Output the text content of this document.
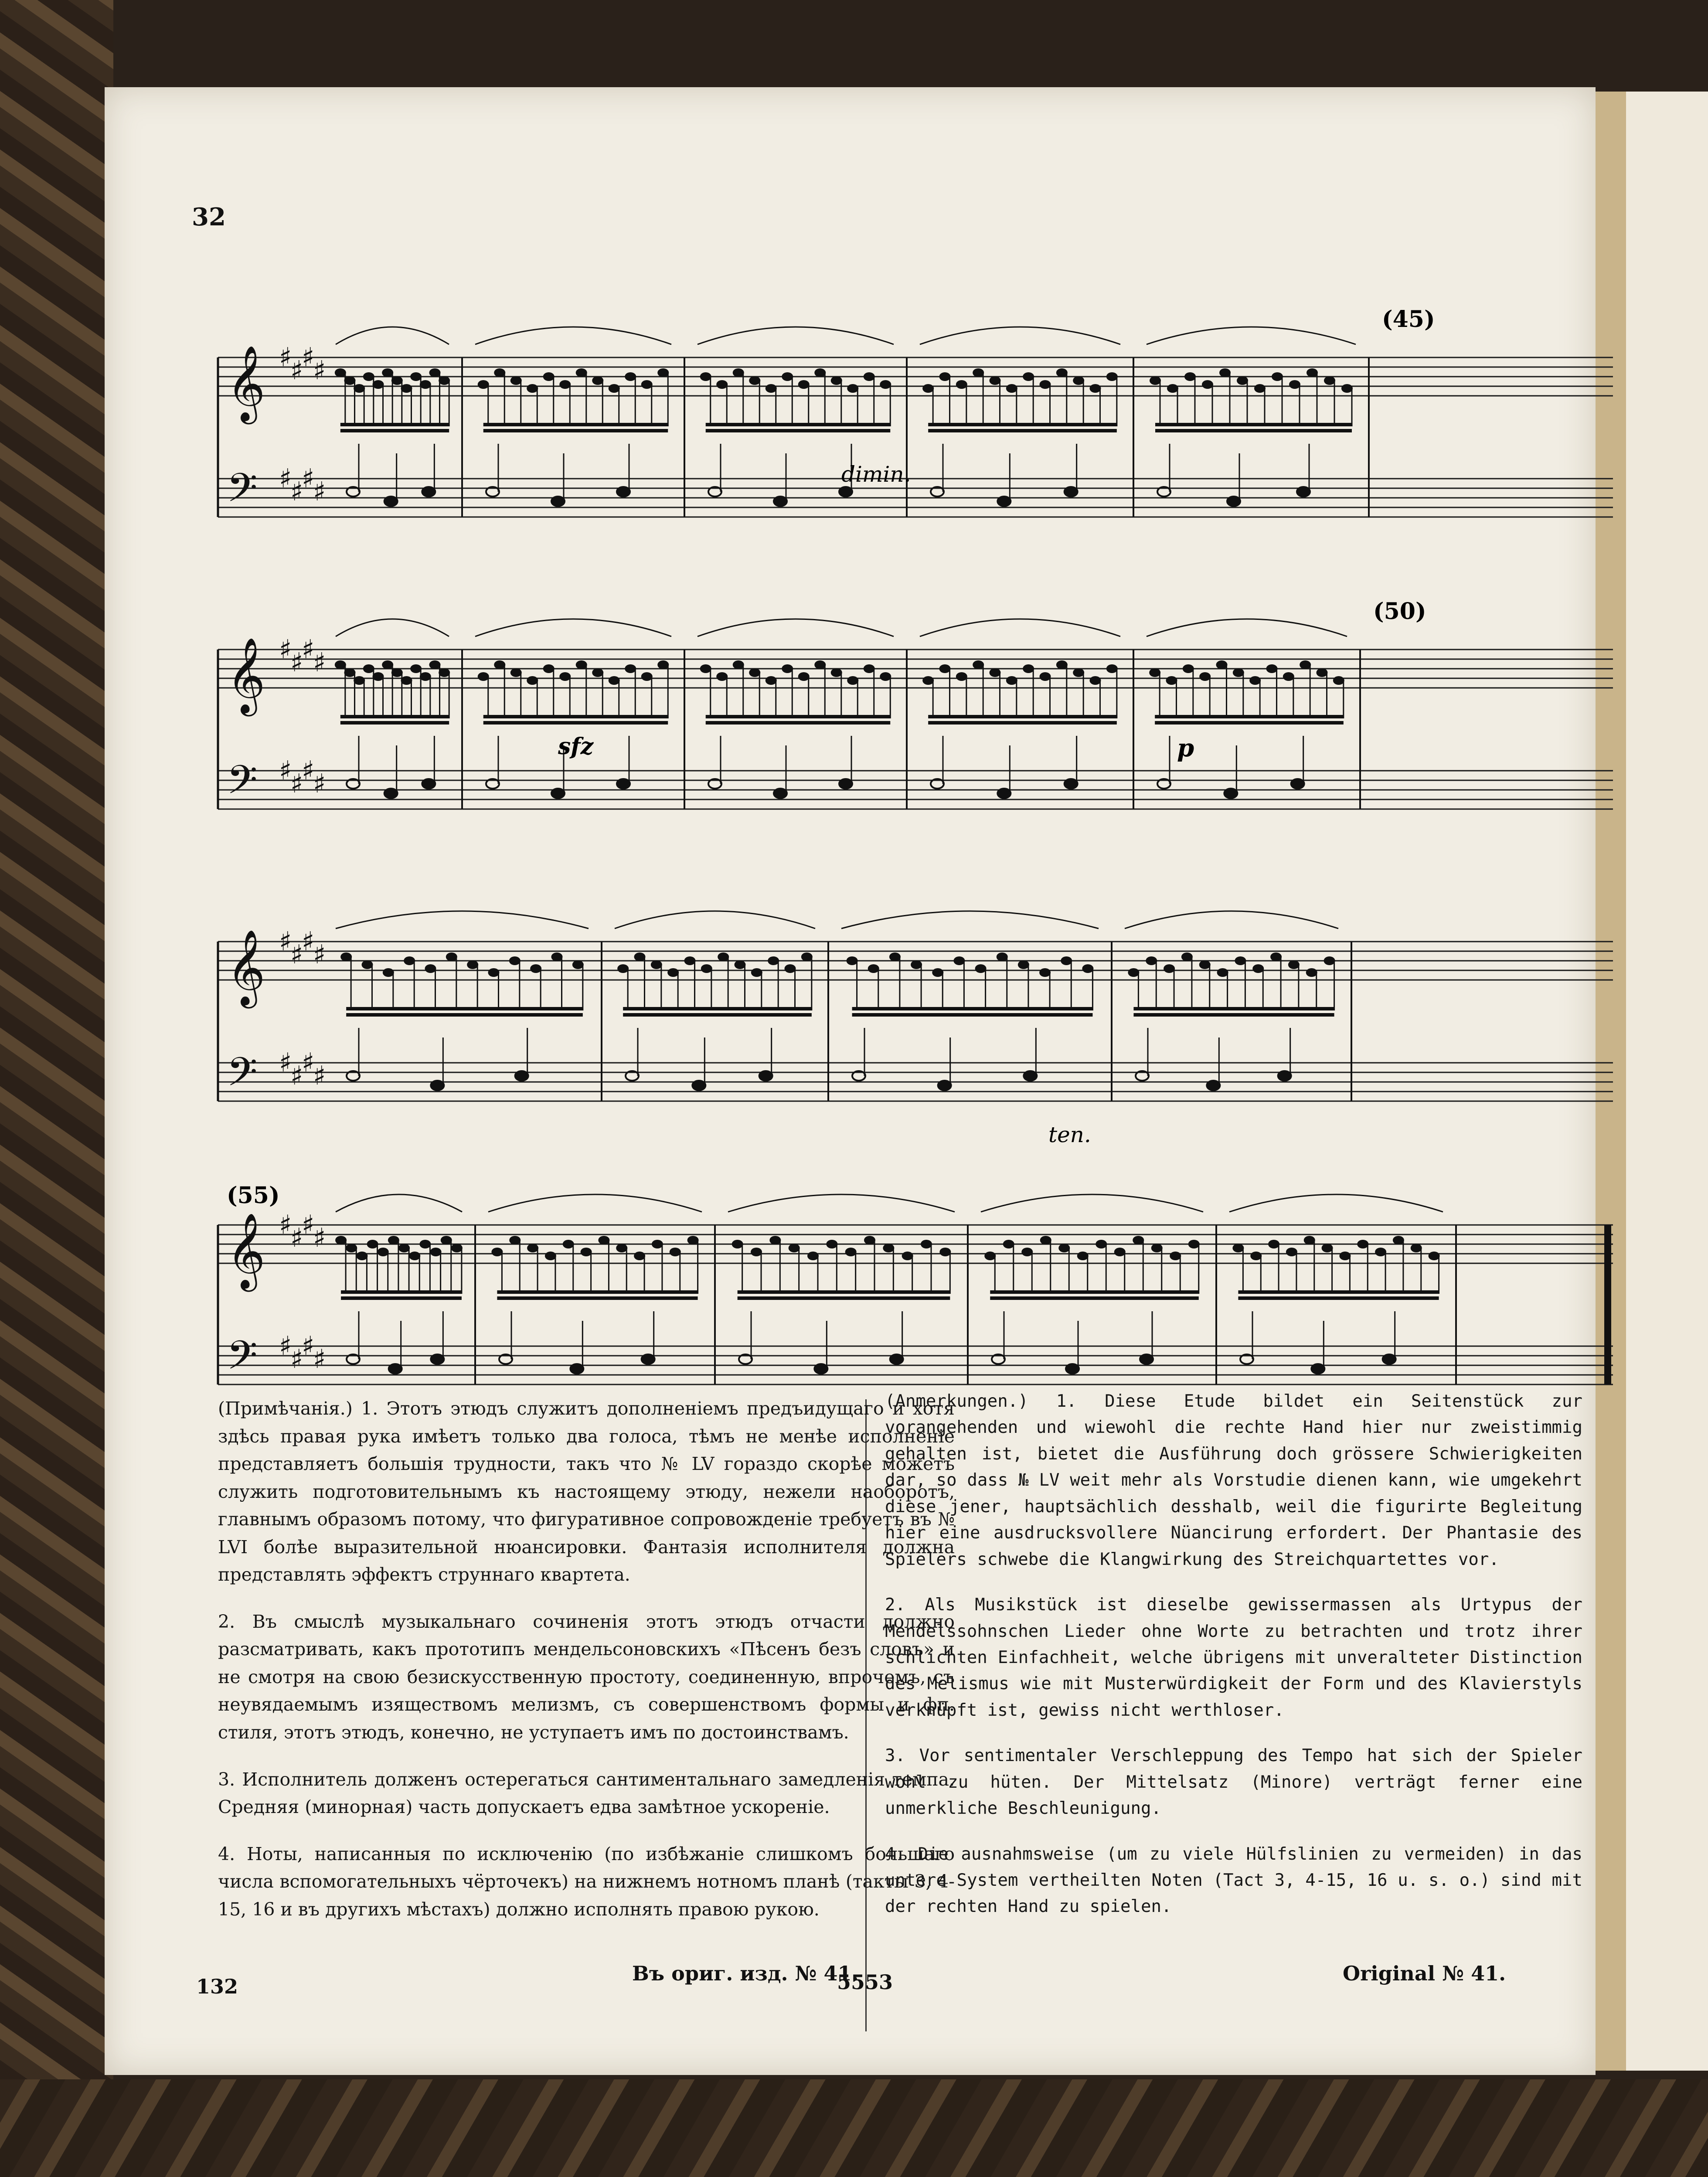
32
𝄞 ♯
♯
♯
♯
𝄢 ♯
♯
♯
♯
𝄞 ♯
♯
♯
♯
𝄢 ♯
♯
♯
♯
𝄞 ♯
♯
♯
♯
𝄢 ♯
♯
♯
♯
𝄞 ♯
♯
♯
♯
𝄢 ♯
♯
♯
♯
(45)
(50)
(55)
dimin.
sfz	p
ten.

(Примѣчанія.) 1. Этотъ этюдъ служитъ дополненіемъ предъидущаго и хотя здѣсь правая рука имѣетъ только два голоса, тѣмъ не менѣе исполненіе представляетъ большія трудности, такъ что № LV гораздо скорѣе можетъ служить подготовительнымъ къ настоящему этюду, нежели наоборотъ, главнымъ образомъ потому, что фигуративное сопровожденіе требуетъ въ № LVI болѣе выразительной нюансировки. Фантазія исполнителя должна представлять эффектъ струннаго квартета.

2. Въ смыслѣ музыкальнаго сочиненія этотъ этюдъ отчасти должно разсматривать, какъ прототипъ мендельсоновскихъ «Пѣсенъ безъ словъ» и не смотря на свою безискусственную простоту, соединенную, впрочемъ, съ неувядаемымъ изяществомъ мелизмъ, съ совершенствомъ формы и фп. стиля, этотъ этюдъ, конечно, не уступаетъ имъ по достоинствамъ.

3. Исполнитель долженъ остерегаться сантиментальнаго замедленія темпа. Средняя (минорная) часть допускаетъ едва замѣтное ускореніе.

4. Ноты, написанныя по исключенію (по избѣжаніе слишкомъ большаго числа вспомогательныхъ чёрточекъ) на нижнемъ нотномъ планѣ (такты 3, 4-15, 16 и въ другихъ мѣстахъ) должно исполнять правою рукою.

(Anmerkungen.) 1. Diese Etude bildet ein Seitenstück zur vorangehenden und wiewohl die rechte Hand hier nur zweistimmig gehalten ist, bietet die Ausführung doch grössere Schwierigkeiten dar, so dass № LV weit mehr als Vorstudie dienen kann, wie umgekehrt diese jener, hauptsächlich desshalb, weil die figurirte Begleitung hier eine ausdrucksvollere Nüancirung erfordert. Der Phantasie des Spielers schwebe die Klangwirkung des Streichquartettes vor.

2. Als Musikstück ist dieselbe gewissermassen als Urtypus der Mendelssohnschen Lieder ohne Worte zu betrachten und trotz ihrer schlichten Einfachheit, welche übrigens mit unveralteter Distinction des Melismus wie mit Musterwürdigkeit der Form und des Klavierstyls verknüpft ist, gewiss nicht werthloser.

3. Vor sentimentaler Verschleppung des Tempo hat sich der Spieler wohl zu hüten. Der Mittelsatz (Minore) verträgt ferner eine unmerkliche Beschleunigung.

4. Die ausnahmsweise (um zu viele Hülfslinien zu vermeiden) in das untere System vertheilten Noten (Tact 3, 4-15, 16 u. s. o.) sind mit der rechten Hand zu spielen.

132
Въ ориг. изд. № 41.
5553	Original № 41.
